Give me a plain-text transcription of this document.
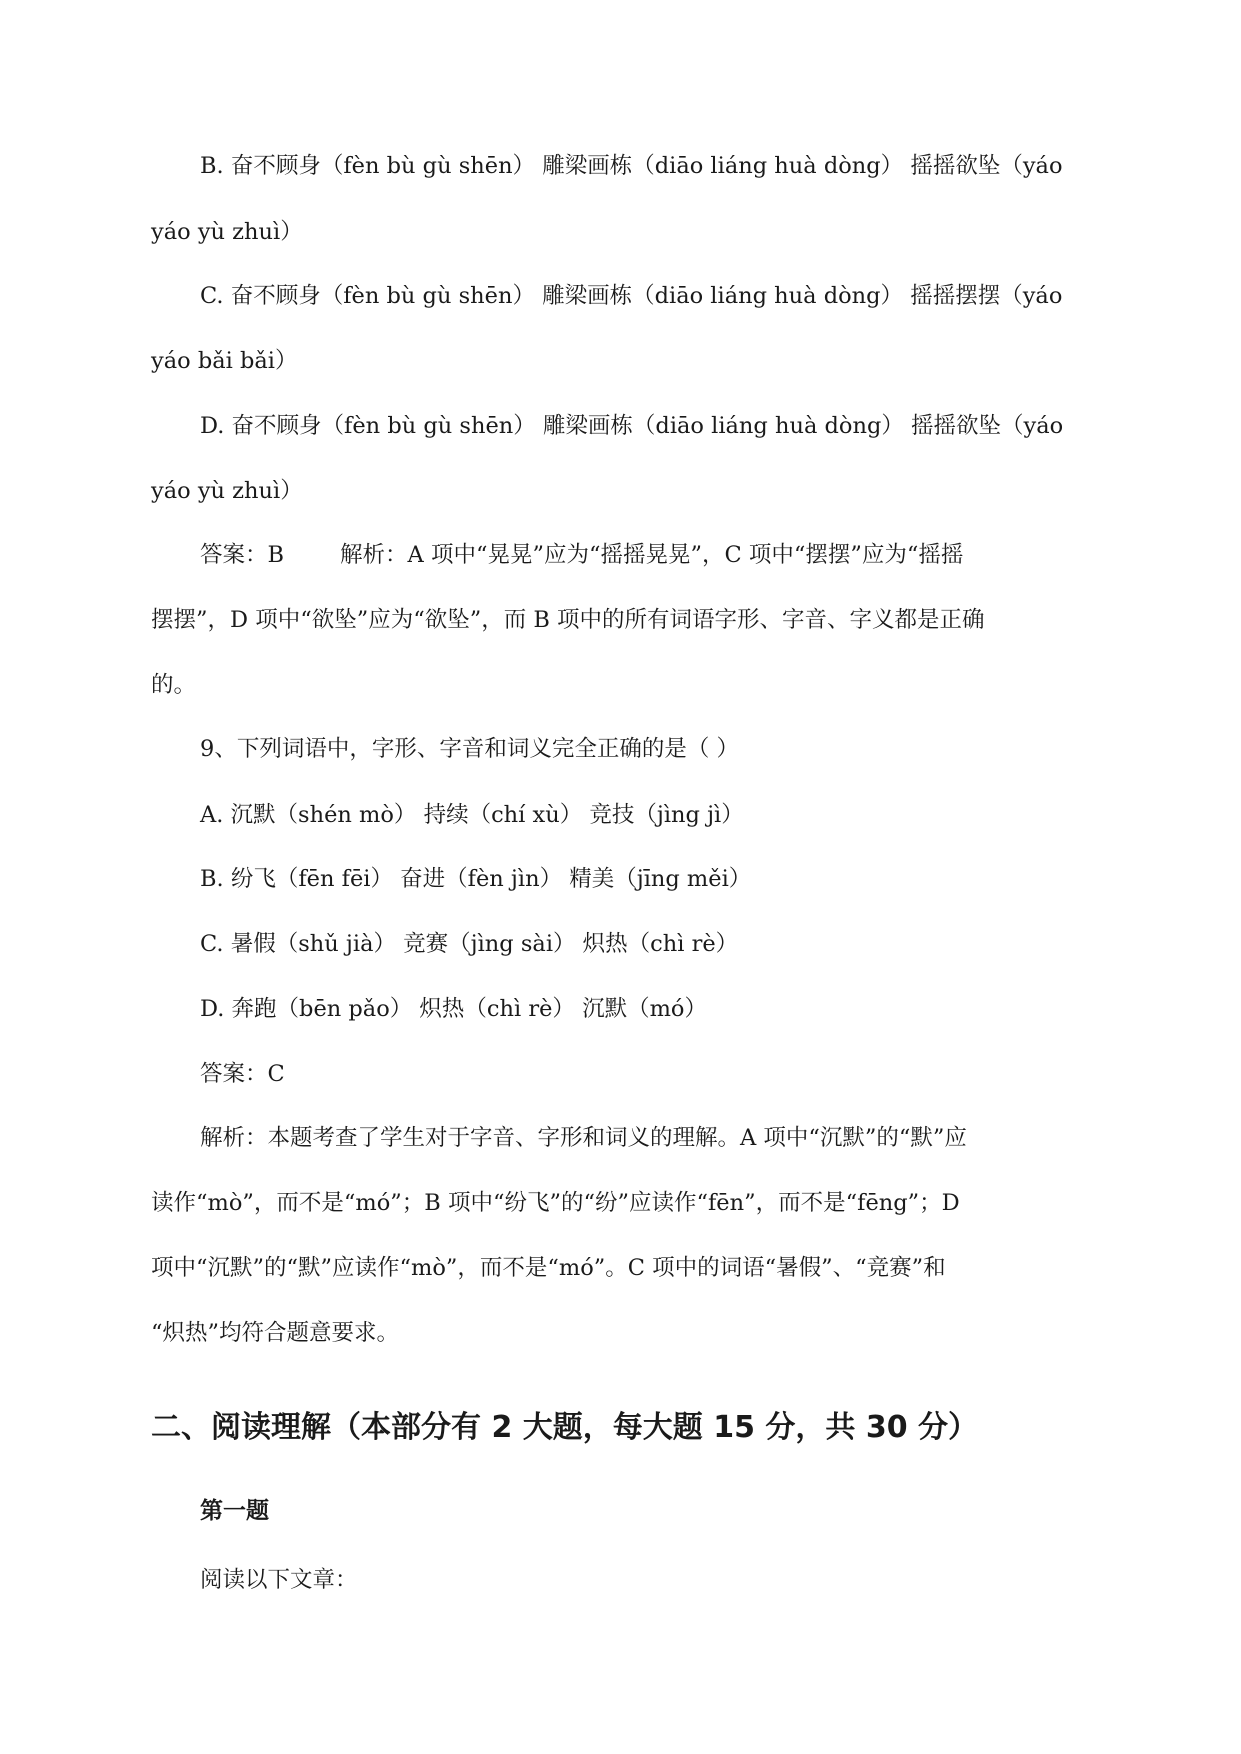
B. 奋不顾身（fèn bù gù shēn） 雕梁画栋（diāo liáng huà dòng） 摇摇欲坠（yáo
yáo yù zhuì）
C. 奋不顾身（fèn bù gù shēn） 雕梁画栋（diāo liáng huà dòng） 摇摇摆摆（yáo
yáo bǎi bǎi）
D. 奋不顾身（fèn bù gù shēn） 雕梁画栋（diāo liáng huà dòng） 摇摇欲坠（yáo
yáo yù zhuì）
答案：B 解析：A 项中“晃晃”应为“摇摇晃晃”，C 项中“摆摆”应为“摇摇
摆摆”，D 项中“欲坠”应为“欲坠”，而 B 项中的所有词语字形、字音、字义都是正确
的。
9、下列词语中，字形、字音和词义完全正确的是（ ）
A. 沉默（shén mò） 持续（chí xù） 竞技（jìng jì）
B. 纷飞（fēn fēi） 奋进（fèn jìn） 精美（jīng měi）
C. 暑假（shǔ jià） 竞赛（jìng sài） 炽热（chì rè）
D. 奔跑（bēn pǎo） 炽热（chì rè） 沉默（mó）
答案：C
解析：本题考查了学生对于字音、字形和词义的理解。A 项中“沉默”的“默”应
读作“mò”，而不是“mó”；B 项中“纷飞”的“纷”应读作“fēn”，而不是“fēng”；D
项中“沉默”的“默”应读作“mò”，而不是“mó”。C 项中的词语“暑假”、“竞赛”和
“炽热”均符合题意要求。
二、阅读理解（本部分有 2 大题，每大题 15 分，共 30 分）
第一题
阅读以下文章：
